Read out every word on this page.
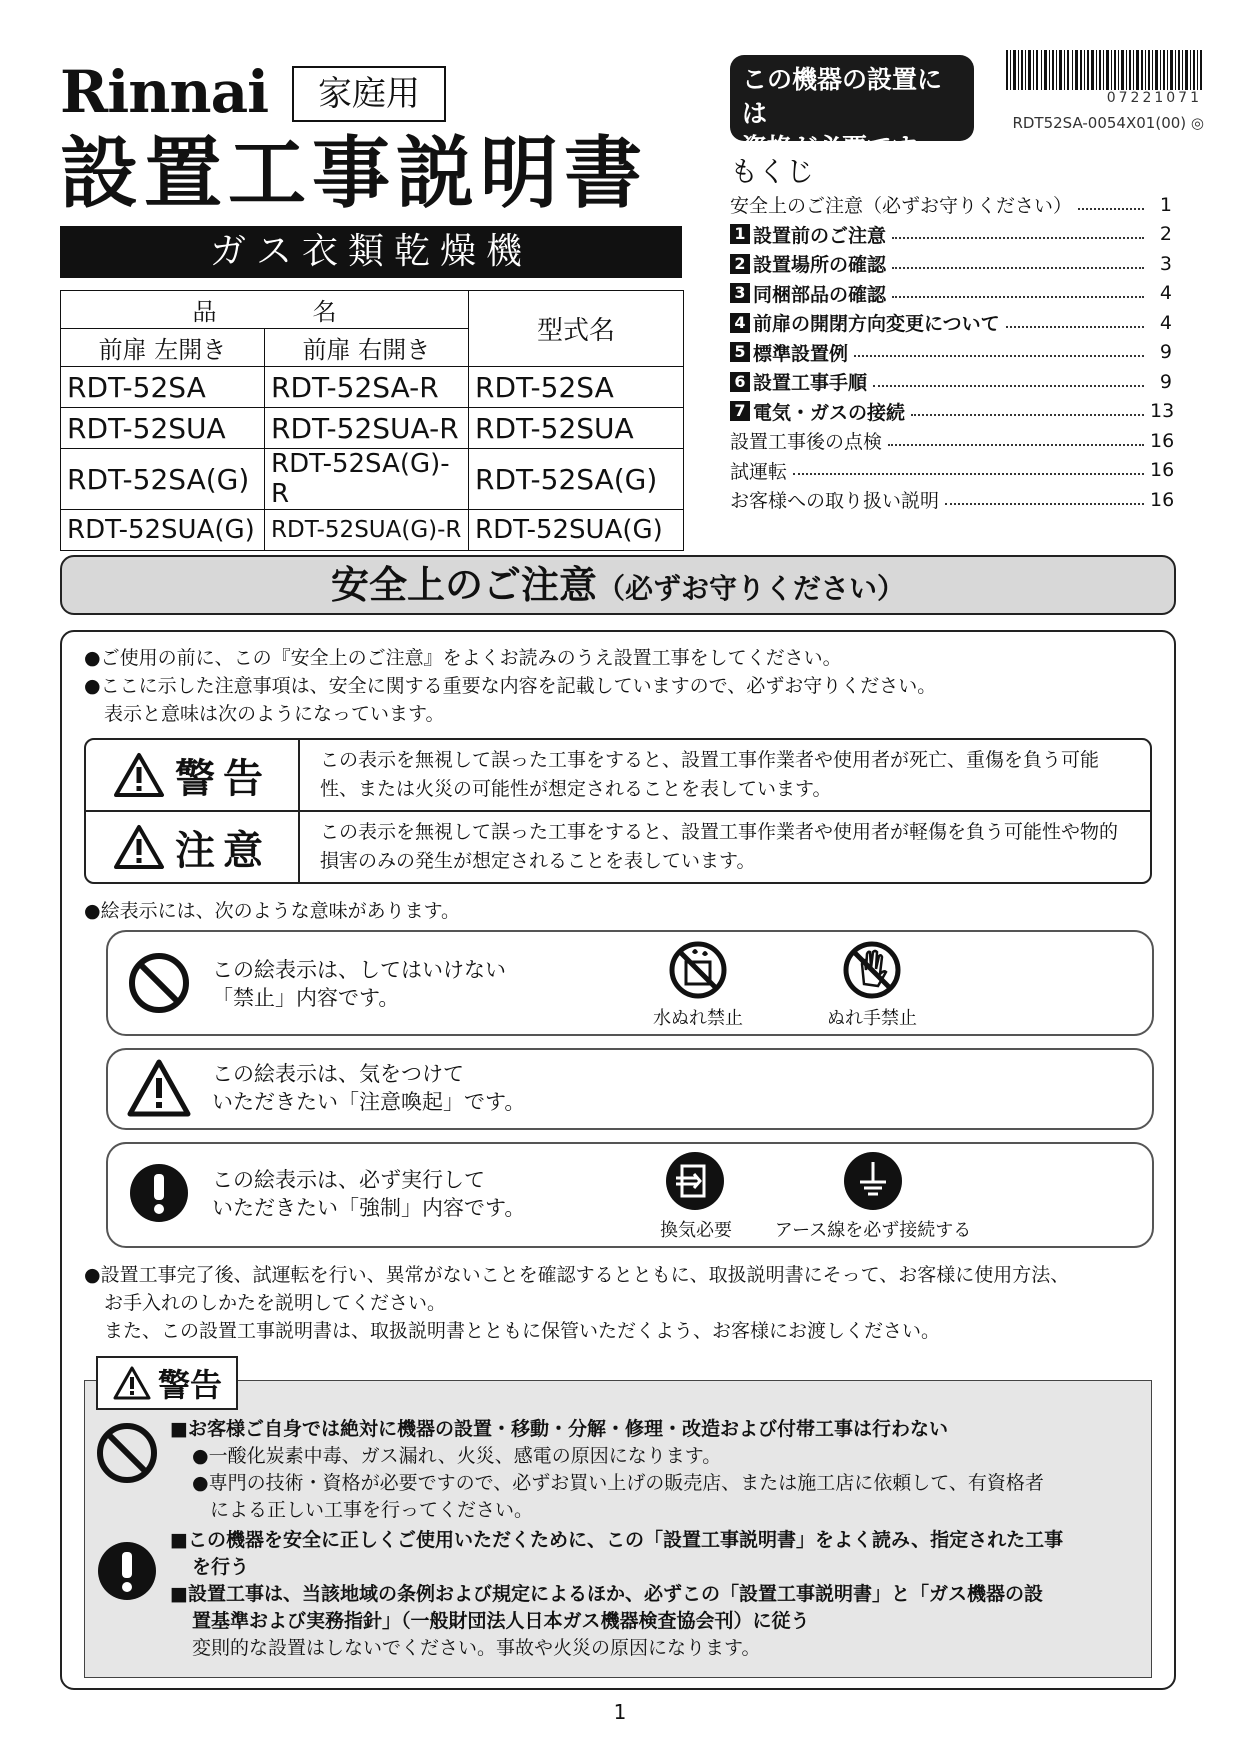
Rinnai	家庭用
設置工事説明書
ガス衣類乾燥機
品　　　　名		型式名
前扉 左開き	前扉 右開き	
RDT-52SA	RDT-52SA-R	RDT-52SA
RDT-52SUA	RDT-52SUA-R	RDT-52SUA
RDT-52SA(G)	RDT-52SA(G)-R	RDT-52SA(G)
RDT-52SUA(G)	RDT-52SUA(G)-R	RDT-52SUA(G)
この機器の設置には
資格が必要です。
07221071
RDT52SA-0054X01(00) ◎
もくじ
安全上のご注意（必ずお守りください）	1
1 設置前のご注意	2
2 設置場所の確認	3
3 同梱部品の確認	4
4 前扉の開閉方向変更について	4
5 標準設置例	9
6 設置工事手順	9
7 電気・ガスの接続	13
設置工事後の点検	16
試運転	16
お客様への取り扱い説明	16
安全上のご注意（必ずお守りください）
●ご使用の前に、この『安全上のご注意』をよくお読みのうえ設置工事をしてください。
●ここに示した注意事項は、安全に関する重要な内容を記載していますので、必ずお守りください。
表示と意味は次のようになっています。
警告	この表示を無視して誤った工事をすると、設置工事作業者や使用者が死亡、重傷を負う可能性、または火災の可能性が想定されることを表しています。
注意	この表示を無視して誤った工事をすると、設置工事作業者や使用者が軽傷を負う可能性や物的損害のみの発生が想定されることを表しています。
●絵表示には、次のような意味があります。
この絵表示は、してはいけない
「禁止」内容です。
水ぬれ禁止	ぬれ手禁止
この絵表示は、気をつけて
いただきたい「注意喚起」です。
この絵表示は、必ず実行して
いただきたい「強制」内容です。
換気必要	アース線を必ず接続する
●設置工事完了後、試運転を行い、異常がないことを確認するとともに、取扱説明書にそって、お客様に使用方法、
お手入れのしかたを説明してください。
また、この設置工事説明書は、取扱説明書とともに保管いただくよう、お客様にお渡しください。
警告
■お客様ご自身では絶対に機器の設置・移動・分解・修理・改造および付帯工事は行わない
●一酸化炭素中毒、ガス漏れ、火災、感電の原因になります。
●専門の技術・資格が必要ですので、必ずお買い上げの販売店、または施工店に依頼して、有資格者
による正しい工事を行ってください。
■この機器を安全に正しくご使用いただくために、この「設置工事説明書」をよく読み、指定された工事
を行う
■設置工事は、当該地域の条例および規定によるほか、必ずこの「設置工事説明書」と「ガス機器の設
置基準および実務指針」（一般財団法人日本ガス機器検査協会刊）に従う
変則的な設置はしないでください。事故や火災の原因になります。
1
